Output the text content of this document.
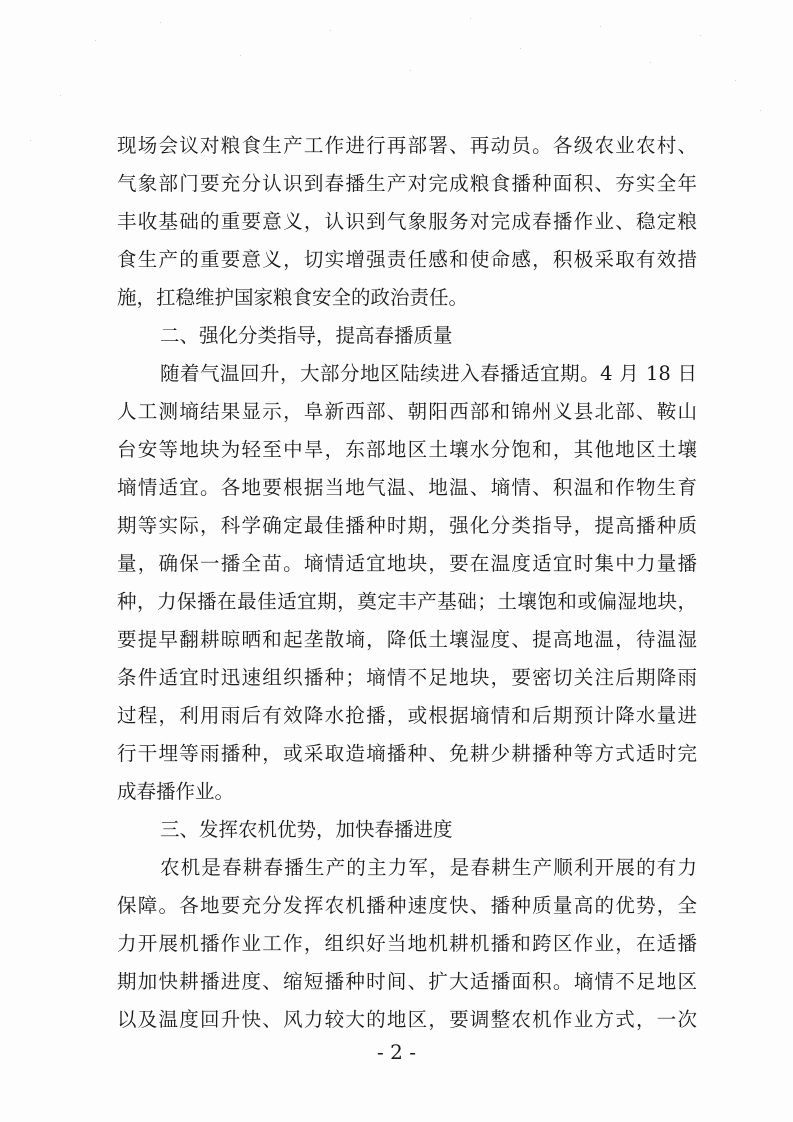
现场会议对粮食生产工作进行再部署、再动员。各级农业农村、
气象部门要充分认识到春播生产对完成粮食播种面积、夯实全年
丰收基础的重要意义，认识到气象服务对完成春播作业、稳定粮
食生产的重要意义，切实增强责任感和使命感，积极采取有效措
施，扛稳维护国家粮食安全的政治责任。
二、强化分类指导，提高春播质量
随着气温回升，大部分地区陆续进入春播适宜期。4 月 18 日
人工测墒结果显示，阜新西部、朝阳西部和锦州义县北部、鞍山
台安等地块为轻至中旱，东部地区土壤水分饱和，其他地区土壤
墒情适宜。各地要根据当地气温、地温、墒情、积温和作物生育
期等实际，科学确定最佳播种时期，强化分类指导，提高播种质
量，确保一播全苗。墒情适宜地块，要在温度适宜时集中力量播
种，力保播在最佳适宜期，奠定丰产基础；土壤饱和或偏湿地块，
要提早翻耕晾晒和起垄散墒，降低土壤湿度、提高地温，待温湿
条件适宜时迅速组织播种；墒情不足地块，要密切关注后期降雨
过程，利用雨后有效降水抢播，或根据墒情和后期预计降水量进
行干埋等雨播种，或采取造墒播种、免耕少耕播种等方式适时完
成春播作业。
三、发挥农机优势，加快春播进度
农机是春耕春播生产的主力军，是春耕生产顺利开展的有力
保障。各地要充分发挥农机播种速度快、播种质量高的优势，全
力开展机播作业工作，组织好当地机耕机播和跨区作业，在适播
期加快耕播进度、缩短播种时间、扩大适播面积。墒情不足地区
以及温度回升快、风力较大的地区，要调整农机作业方式，一次
- 2 -
